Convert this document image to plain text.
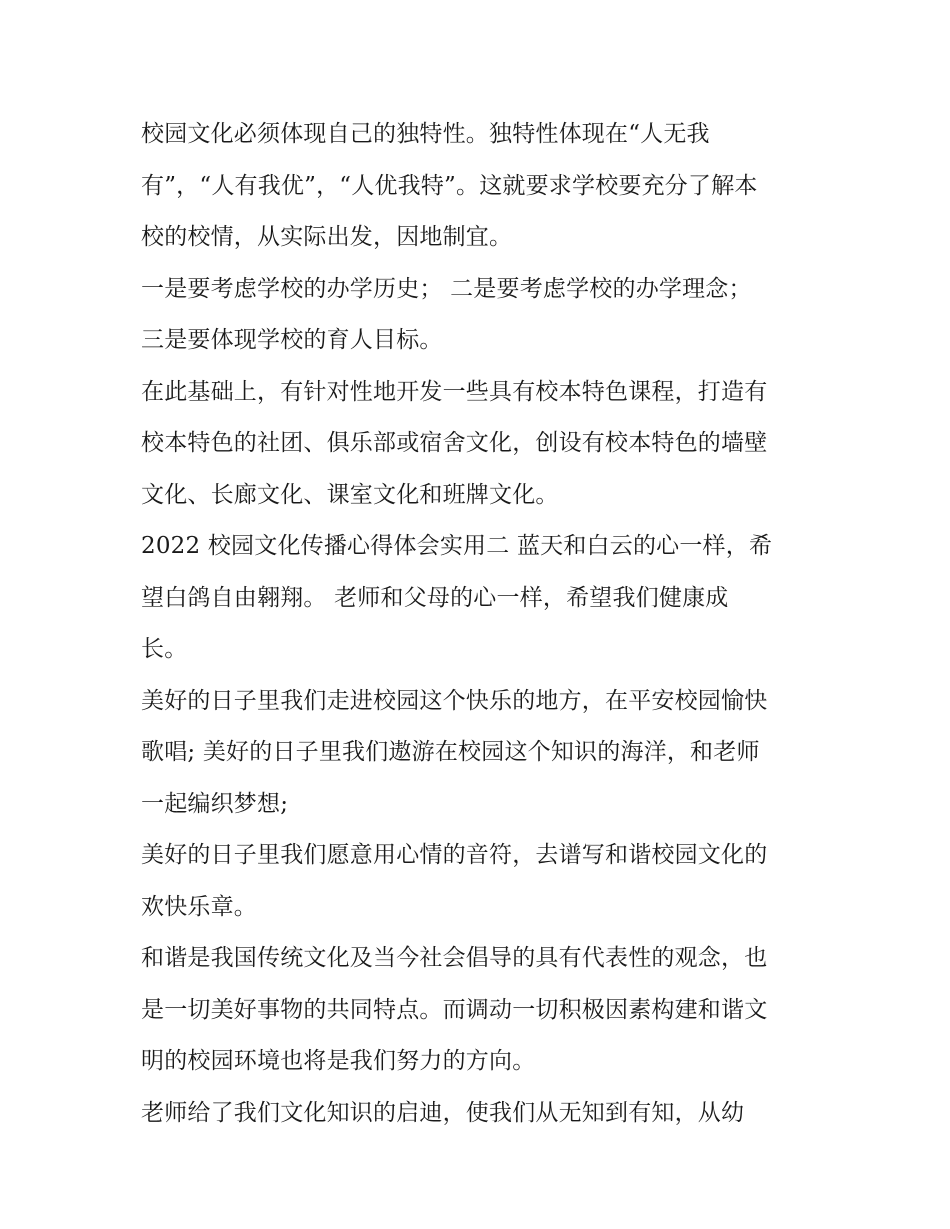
校园文化必须体现自己的独特性。独特性体现在“人无我
有”，“人有我优”，“人优我特”。这就要求学校要充分了解本
校的校情，从实际出发，因地制宜。
一是要考虑学校的办学历史； 二是要考虑学校的办学理念；
三是要体现学校的育人目标。
在此基础上，有针对性地开发一些具有校本特色课程，打造有
校本特色的社团、俱乐部或宿舍文化，创设有校本特色的墙壁
文化、长廊文化、课室文化和班牌文化。
2022 校园文化传播心得体会实用二 蓝天和白云的心一样，希
望白鸽自由翱翔。 老师和父母的心一样，希望我们健康成
长。
美好的日子里我们走进校园这个快乐的地方，在平安校园愉快
歌唱; 美好的日子里我们遨游在校园这个知识的海洋，和老师
一起编织梦想;
美好的日子里我们愿意用心情的音符，去谱写和谐校园文化的
欢快乐章。
和谐是我国传统文化及当今社会倡导的具有代表性的观念，也
是一切美好事物的共同特点。而调动一切积极因素构建和谐文
明的校园环境也将是我们努力的方向。
老师给了我们文化知识的启迪，使我们从无知到有知，从幼
